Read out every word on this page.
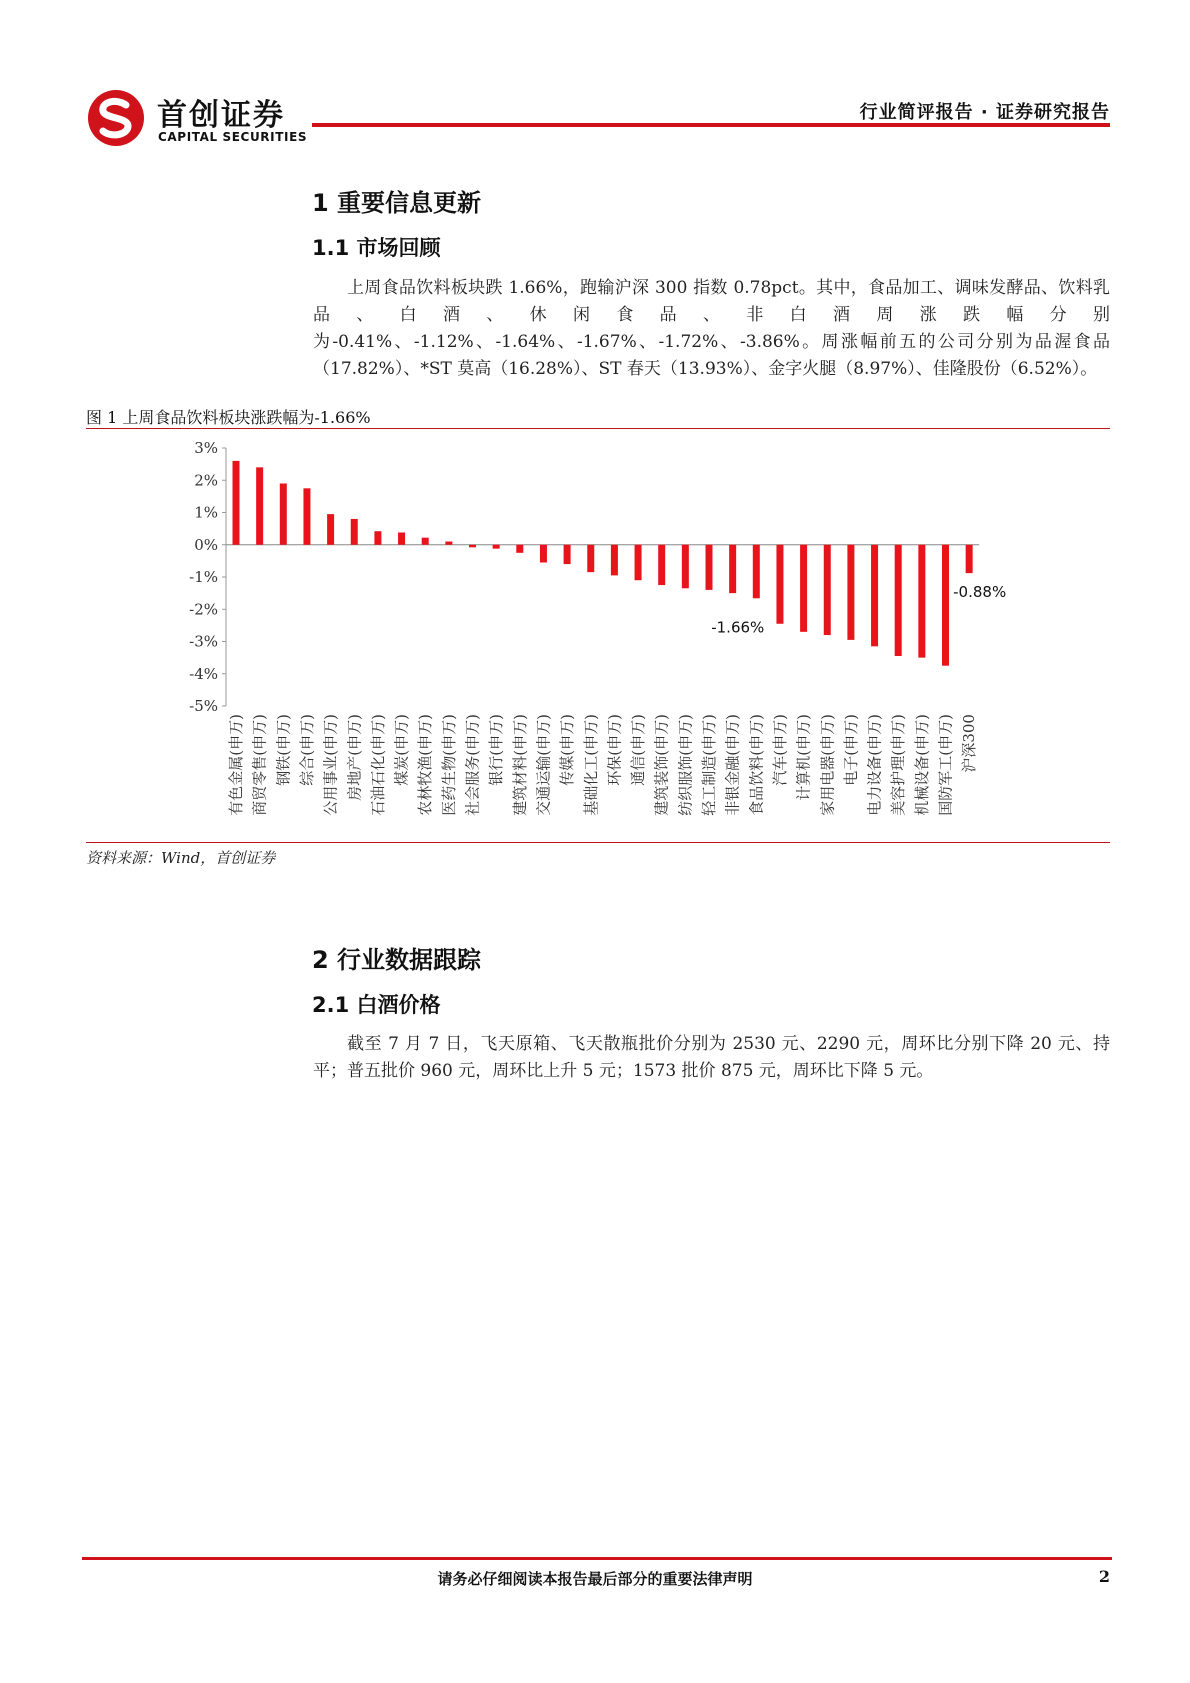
首创证券
CAPITAL SECURITIES
行业简评报告 · 证券研究报告
1 重要信息更新
1.1 市场回顾

上周食品饮料板块跌 1.66%，跑输沪深 300 指数 0.78pct。其中，食品加工、调味发酵品、饮料乳品、白酒、休闲食品、非白酒周涨跌幅分别为-0.41%、-1.12%、-1.64%、-1.67%、-1.72%、-3.86%。周涨幅前五的公司分别为品渥食品（17.82%）、*ST 莫高（16.28%）、ST 春天（13.93%）、金字火腿（8.97%）、佳隆股份（6.52%）。

图 1 上周食品饮料板块涨跌幅为-1.66%
3%
2%
1%
0%
-1%
-2%
-3%
-4%
-5%
有色金属(申万) 商贸零售(申万) 钢铁(申万) 综合(申万) 公用事业(申万) 房地产(申万) 石油石化(申万) 煤炭(申万) 农林牧渔(申万) 医药生物(申万) 社会服务(申万) 银行(申万) 建筑材料(申万) 交通运输(申万) 传媒(申万) 基础化工(申万) 环保(申万) 通信(申万) 建筑装饰(申万) 纺织服饰(申万) 轻工制造(申万) 非银金融(申万) 食品饮料(申万) 汽车(申万) 计算机(申万) 家用电器(申万) 电子(申万) 电力设备(申万) 美容护理(申万) 机械设备(申万) 国防军工(申万) 沪深300
-1.66%
-0.88%
资料来源：Wind，首创证券
2 行业数据跟踪
2.1 白酒价格

截至 7 月 7 日，飞天原箱、飞天散瓶批价分别为 2530 元、2290 元，周环比分别下降 20 元、持平；普五批价 960 元，周环比上升 5 元；1573 批价 875 元，周环比下降 5 元。

请务必仔细阅读本报告最后部分的重要法律声明	2
